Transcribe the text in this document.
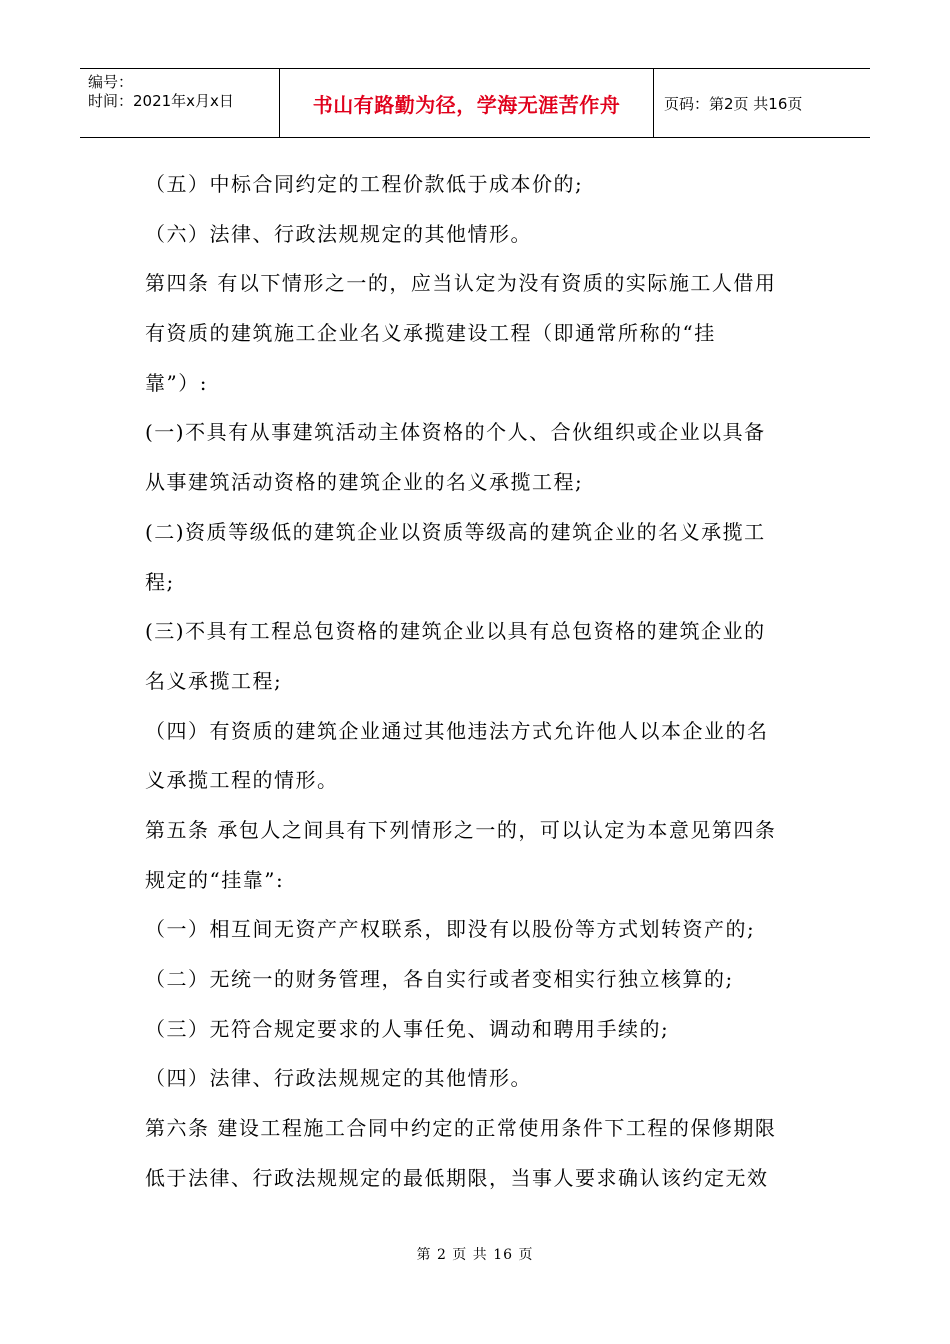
编号：
时间：2021年x月x日	书山有路勤为径，学海无涯苦作舟	页码：第2页 共16页
（五）中标合同约定的工程价款低于成本价的;
（六）法律、行政法规规定的其他情形。
第四条 有以下情形之一的，应当认定为没有资质的实际施工人借用
有资质的建筑施工企业名义承揽建设工程（即通常所称的“挂
靠”）:
(一)不具有从事建筑活动主体资格的个人、合伙组织或企业以具备
从事建筑活动资格的建筑企业的名义承揽工程;
(二)资质等级低的建筑企业以资质等级高的建筑企业的名义承揽工
程;
(三)不具有工程总包资格的建筑企业以具有总包资格的建筑企业的
名义承揽工程;
（四）有资质的建筑企业通过其他违法方式允许他人以本企业的名
义承揽工程的情形。
第五条 承包人之间具有下列情形之一的，可以认定为本意见第四条
规定的“挂靠”:
（一）相互间无资产产权联系，即没有以股份等方式划转资产的;
（二）无统一的财务管理，各自实行或者变相实行独立核算的;
（三）无符合规定要求的人事任免、调动和聘用手续的;
（四）法律、行政法规规定的其他情形。
第六条 建设工程施工合同中约定的正常使用条件下工程的保修期限
低于法律、行政法规规定的最低期限，当事人要求确认该约定无效
第 2 页 共 16 页
